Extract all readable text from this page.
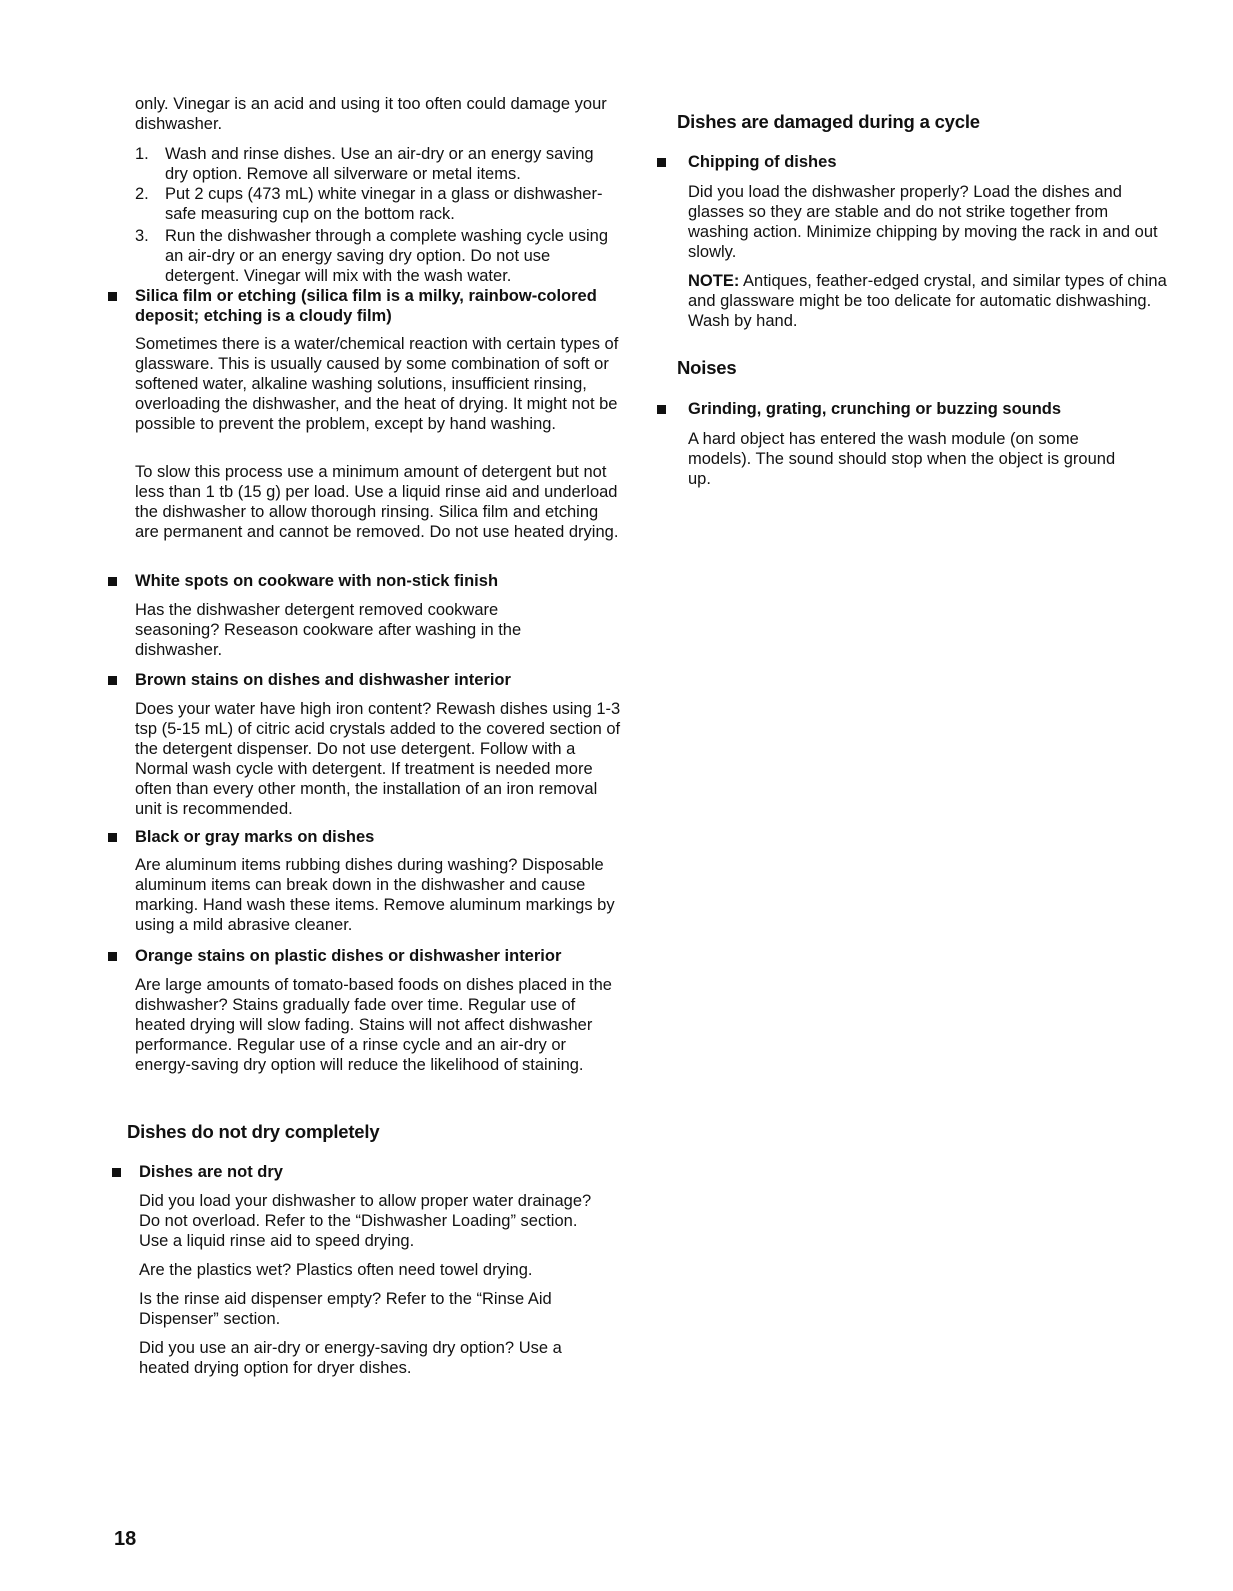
only. Vinegar is an acid and using it too often could damage your dishwasher.

1. Wash and rinse dishes. Use an air-dry or an energy saving dry option. Remove all silverware or metal items.

2. Put 2 cups (473 mL) white vinegar in a glass or dishwasher-safe measuring cup on the bottom rack.

3. Run the dishwasher through a complete washing cycle using an air-dry or an energy saving dry option. Do not use detergent. Vinegar will mix with the wash water.

Silica film or etching (silica film is a milky, rainbow-colored deposit; etching is a cloudy film)

Sometimes there is a water/chemical reaction with certain types of glassware. This is usually caused by some combination of soft or softened water, alkaline washing solutions, insufficient rinsing, overloading the dishwasher, and the heat of drying. It might not be possible to prevent the problem, except by hand washing.

To slow this process use a minimum amount of detergent but not less than 1 tb (15 g) per load. Use a liquid rinse aid and underload the dishwasher to allow thorough rinsing. Silica film and etching are permanent and cannot be removed. Do not use heated drying.

White spots on cookware with non-stick finish

Has the dishwasher detergent removed cookware seasoning? Reseason cookware after washing in the dishwasher.

Brown stains on dishes and dishwasher interior

Does your water have high iron content? Rewash dishes using 1-3 tsp (5-15 mL) of citric acid crystals added to the covered section of the detergent dispenser. Do not use detergent. Follow with a Normal wash cycle with detergent. If treatment is needed more often than every other month, the installation of an iron removal unit is recommended.

Black or gray marks on dishes

Are aluminum items rubbing dishes during washing? Disposable aluminum items can break down in the dishwasher and cause marking. Hand wash these items. Remove aluminum markings by using a mild abrasive cleaner.

Orange stains on plastic dishes or dishwasher interior

Are large amounts of tomato-based foods on dishes placed in the dishwasher? Stains gradually fade over time. Regular use of heated drying will slow fading. Stains will not affect dishwasher performance. Regular use of a rinse cycle and an air-dry or energy-saving dry option will reduce the likelihood of staining.

Dishes do not dry completely

Dishes are not dry

Did you load your dishwasher to allow proper water drainage? Do not overload. Refer to the “Dishwasher Loading” section. Use a liquid rinse aid to speed drying.

Are the plastics wet? Plastics often need towel drying.

Is the rinse aid dispenser empty? Refer to the “Rinse Aid Dispenser” section.

Did you use an air-dry or energy-saving dry option? Use a heated drying option for dryer dishes.

Dishes are damaged during a cycle

Chipping of dishes

Did you load the dishwasher properly? Load the dishes and glasses so they are stable and do not strike together from washing action. Minimize chipping by moving the rack in and out slowly.

NOTE: Antiques, feather-edged crystal, and similar types of china and glassware might be too delicate for automatic dishwashing. Wash by hand.

Noises

Grinding, grating, crunching or buzzing sounds

A hard object has entered the wash module (on some models). The sound should stop when the object is ground up.

18
